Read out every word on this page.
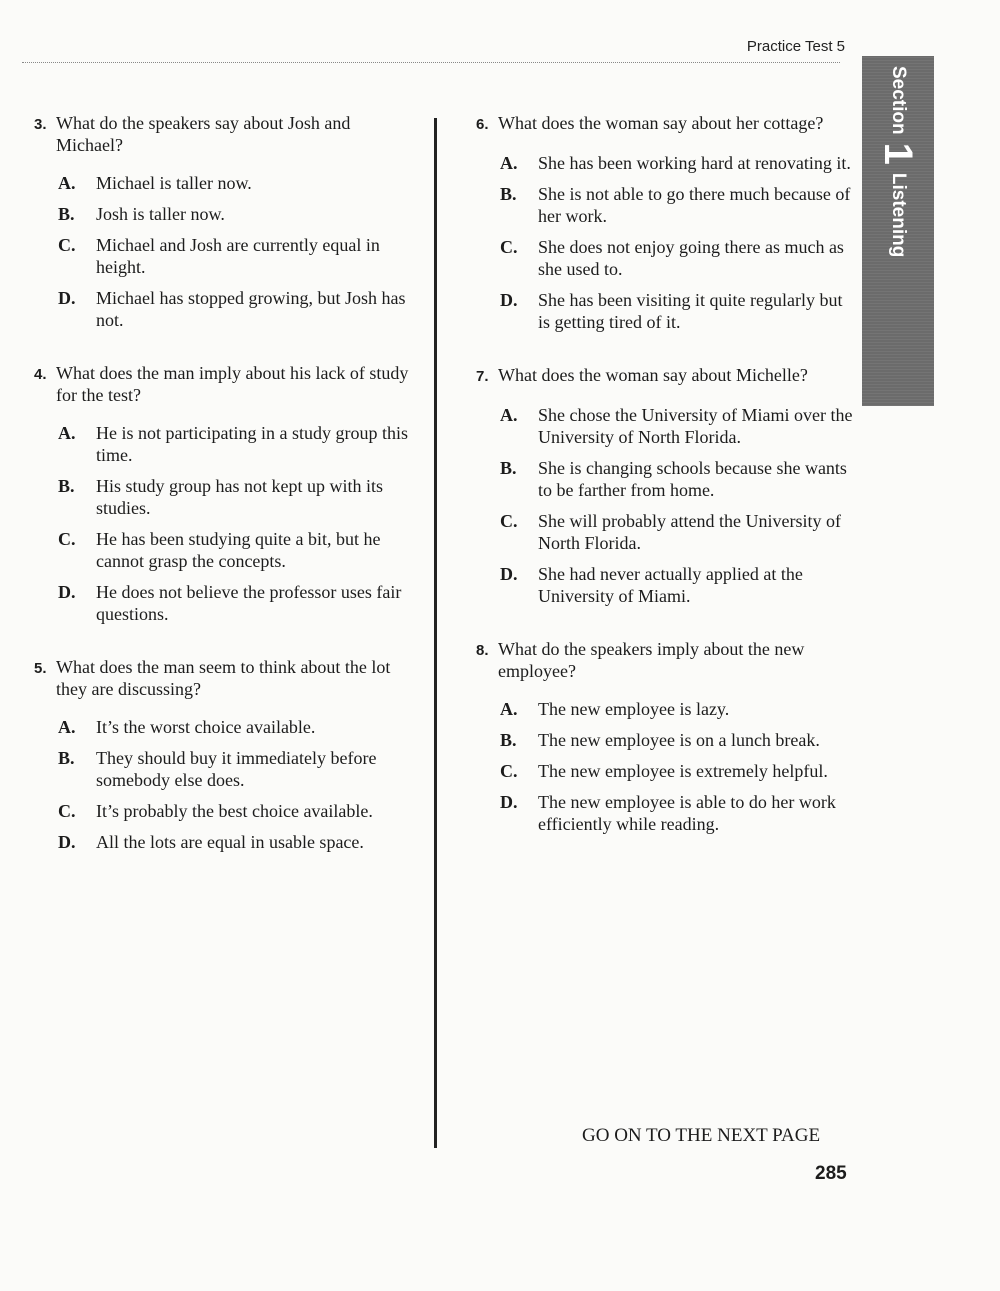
Practice Test 5
Section
1
Listening
3. What do the speakers say about Josh and Michael?
A.	Michael is taller now.
B.	Josh is taller now.
C.	Michael and Josh are currently equal in height.
D.	Michael has stopped growing, but Josh has not.
4. What does the man imply about his lack of study for the test?
A.	He is not participating in a study group this time.
B.	His study group has not kept up with its studies.
C.	He has been studying quite a bit, but he cannot grasp the concepts.
D.	He does not believe the professor uses fair questions.
5. What does the man seem to think about the lot they are discussing?
A.	It’s the worst choice available.
B.	They should buy it immediately before somebody else does.
C.	It’s probably the best choice available.
D.	All the lots are equal in usable space.
6. What does the woman say about her cottage?
A.	She has been working hard at renovating it.
B.	She is not able to go there much because of her work.
C.	She does not enjoy going there as much as she used to.
D.	She has been visiting it quite regularly but is getting tired of it.
7. What does the woman say about Michelle?
A.	She chose the University of Miami over the University of North Florida.
B.	She is changing schools because she wants to be farther from home.
C.	She will probably attend the University of North Florida.
D.	She had never actually applied at the University of Miami.
8. What do the speakers imply about the new employee?
A.	The new employee is lazy.
B.	The new employee is on a lunch break.
C.	The new employee is extremely helpful.
D.	The new employee is able to do her work efficiently while reading.
GO ON TO THE NEXT PAGE
285
